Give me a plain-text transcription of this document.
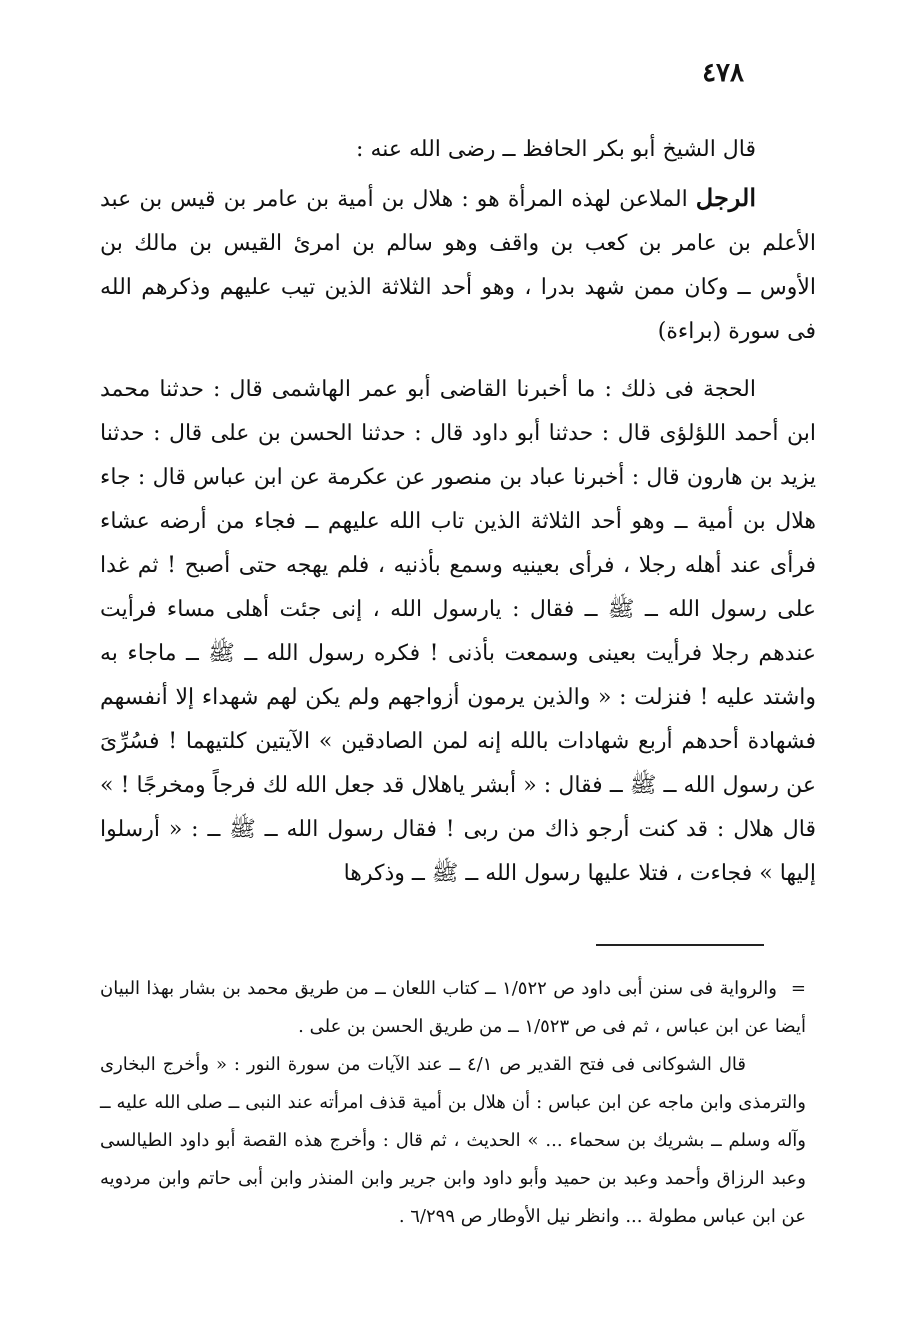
٤٧٨

قال الشيخ أبو بكر الحافظ ــ رضى الله عنه :

الرجل الملاعن لهذه المرأة هو : هلال بن أمية بن عامر بن قيس بن عبد الأعلم بن عامر بن كعب بن واقف وهو سالم بن امرئ القيس بن مالك بن الأوس ــ وكان ممن شهد بدرا ، وهو أحد الثلاثة الذين تيب عليهم وذكرهم الله فى سورة (براءة)

الحجة فى ذلك : ما أخبرنا القاضى أبو عمر الهاشمى قال : حدثنا محمد ابن أحمد اللؤلؤى قال : حدثنا أبو داود قال : حدثنا الحسن بن على قال : حدثنا يزيد بن هارون قال : أخبرنا عباد بن منصور عن عكرمة عن ابن عباس قال : جاء هلال بن أمية ــ وهو أحد الثلاثة الذين تاب الله عليهم ــ فجاء من أرضه عشاء فرأى عند أهله رجلا ، فرأى بعينيه وسمع بأذنيه ، فلم يهجه حتى أصبح ! ثم غدا على رسول الله ــ ﷺ ــ فقال : يارسول الله ، إنى جئت أهلى مساء فرأيت عندهم رجلا فرأيت بعينى وسمعت بأذنى ! فكره رسول الله ــ ﷺ ــ ماجاء به واشتد عليه ! فنزلت : « والذين يرمون أزواجهم ولم يكن لهم شهداء إلا أنفسهم فشهادة أحدهم أربع شهادات بالله إنه لمن الصادقين » الآيتين كلتيهما ! فسُرِّىَ عن رسول الله ــ ﷺ ــ فقال : « أبشر ياهلال قد جعل الله لك فرجاً ومخرجًا ! » قال هلال : قد كنت أرجو ذاك من ربى ! فقال رسول الله ــ ﷺ ــ : « أرسلوا إليها » فجاءت ، فتلا عليها رسول الله ــ ﷺ ــ وذكرها

=والرواية فى سنن أبى داود ص ١/٥٢٢ ــ كتاب اللعان ــ من طريق محمد بن بشار بهذا البيان أيضا عن ابن عباس ، ثم فى ص ١/٥٢٣ ــ من طريق الحسن بن على .

قال الشوكانى فى فتح القدير ص ٤/١ ــ عند الآيات من سورة النور : « وأخرج البخارى والترمذى وابن ماجه عن ابن عباس : أن هلال بن أمية قذف امرأته عند النبى ــ صلى الله عليه ــ وآله وسلم ــ بشريك بن سحماء ... » الحديث ، ثم قال : وأخرج هذه القصة أبو داود الطيالسى وعبد الرزاق وأحمد وعبد بن حميد وأبو داود وابن جرير وابن المنذر وابن أبى حاتم وابن مردويه عن ابن عباس مطولة ... وانظر نيل الأوطار ص ٦/٢٩٩ .
